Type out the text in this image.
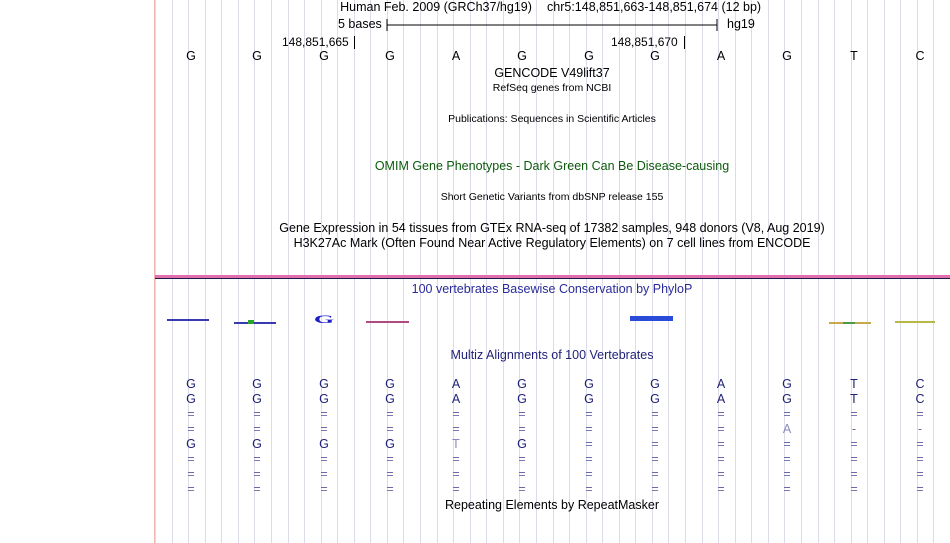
Human Feb. 2009 (GRCh37/hg19) chr5:148,851,663-148,851,674 (12 bp)
5 bases	hg19
148,851,665	148,851,670
G	G	G	G	A	G	G	G	A	G	T	C
GENCODE V49lift37
RefSeq genes from NCBI
Publications: Sequences in Scientific Articles
OMIM Gene Phenotypes - Dark Green Can Be Disease-causing
Short Genetic Variants from dbSNP release 155
Gene Expression in 54 tissues from GTEx RNA-seq of 17382 samples, 948 donors (V8, Aug 2019)
H3K27Ac Mark (Often Found Near Active Regulatory Elements) on 7 cell lines from ENCODE
100 vertebrates Basewise Conservation by PhyloP
G
Multiz Alignments of 100 Vertebrates
G	G	G	G	A	G	G	G	A	G	T	C
G	G	G	G	A	G	G	G	A	G	T	C
=	=	=	=	=	=	=	=	=	=	=	=
=	=	=	=	=	=	=	=	=	A	-	-
G	G	G	G	T	G	=	=	=	=	=	=
=	=	=	=	=	=	=	=	=	=	=	=
=	=	=	=	=	=	=	=	=	=	=	=
=	=	=	=	=	=	=	=	=	=	=	=
Repeating Elements by RepeatMasker
